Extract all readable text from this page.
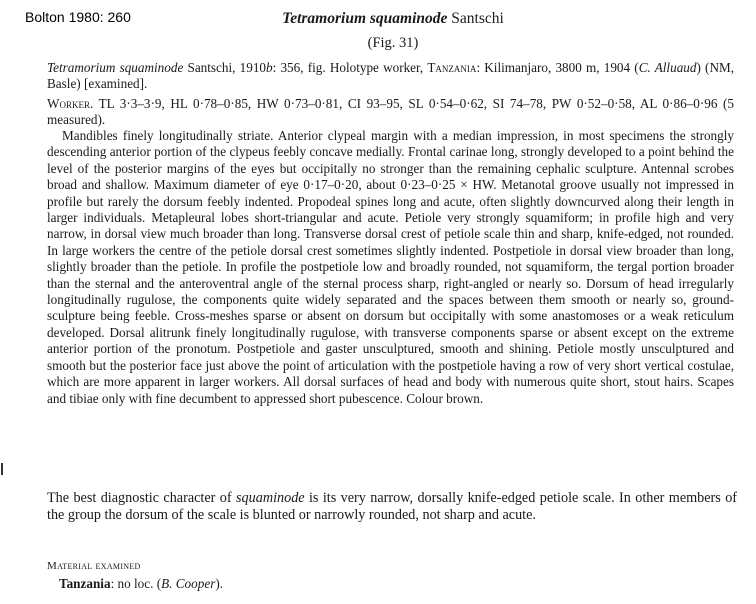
Bolton 1980: 260	Tetramorium squaminode Santschi
(Fig. 31)
Tetramorium squaminode Santschi, 1910b: 356, fig. Holotype worker, Tanzania: Kilimanjaro, 3800 m, 1904 (C. Alluaud) (NM, Basle) [examined].
Worker. TL 3·3–3·9, HL 0·78–0·85, HW 0·73–0·81, CI 93–95, SL 0·54–0·62, SI 74–78, PW 0·52–0·58, AL 0·86–0·96 (5 measured).
Mandibles finely longitudinally striate. Anterior clypeal margin with a median impression, in most specimens the strongly descending anterior portion of the clypeus feebly concave medially. Frontal carinae long, strongly developed to a point behind the level of the posterior margins of the eyes but occipitally no stronger than the remaining cephalic sculpture. Antennal scrobes broad and shallow. Maximum diameter of eye 0·17–0·20, about 0·23–0·25 × HW. Metanotal groove usually not impressed in profile but rarely the dorsum feebly indented. Propodeal spines long and acute, often slightly downcurved along their length in larger individuals. Metapleural lobes short-triangular and acute. Petiole very strongly squamiform; in profile high and very narrow, in dorsal view much broader than long. Transverse dorsal crest of petiole scale thin and sharp, knife-edged, not rounded. In large workers the centre of the petiole dorsal crest sometimes slightly indented. Postpetiole in dorsal view broader than long, slightly broader than the petiole. In profile the postpetiole low and broadly rounded, not squamiform, the tergal portion broader than the sternal and the anteroventral angle of the sternal process sharp, right-angled or nearly so. Dorsum of head irregularly longitudinally rugulose, the components quite widely separated and the spaces between them smooth or nearly so, ground-sculpture being feeble. Cross-meshes sparse or absent on dorsum but occipitally with some anastomoses or a weak reticulum developed. Dorsal alitrunk finely longitudinally rugulose, with transverse components sparse or absent except on the extreme anterior portion of the pronotum. Postpetiole and gaster unsculptured, smooth and shining. Petiole mostly unsculptured and smooth but the posterior face just above the point of articulation with the postpetiole having a row of very short vertical costulae, which are more apparent in larger workers. All dorsal surfaces of head and body with numerous quite short, stout hairs. Scapes and tibiae only with fine decumbent to appressed short pubescence. Colour brown.
The best diagnostic character of squaminode is its very narrow, dorsally knife-edged petiole scale. In other members of the group the dorsum of the scale is blunted or narrowly rounded, not sharp and acute.
Material examined
Tanzania: no loc. (B. Cooper).
